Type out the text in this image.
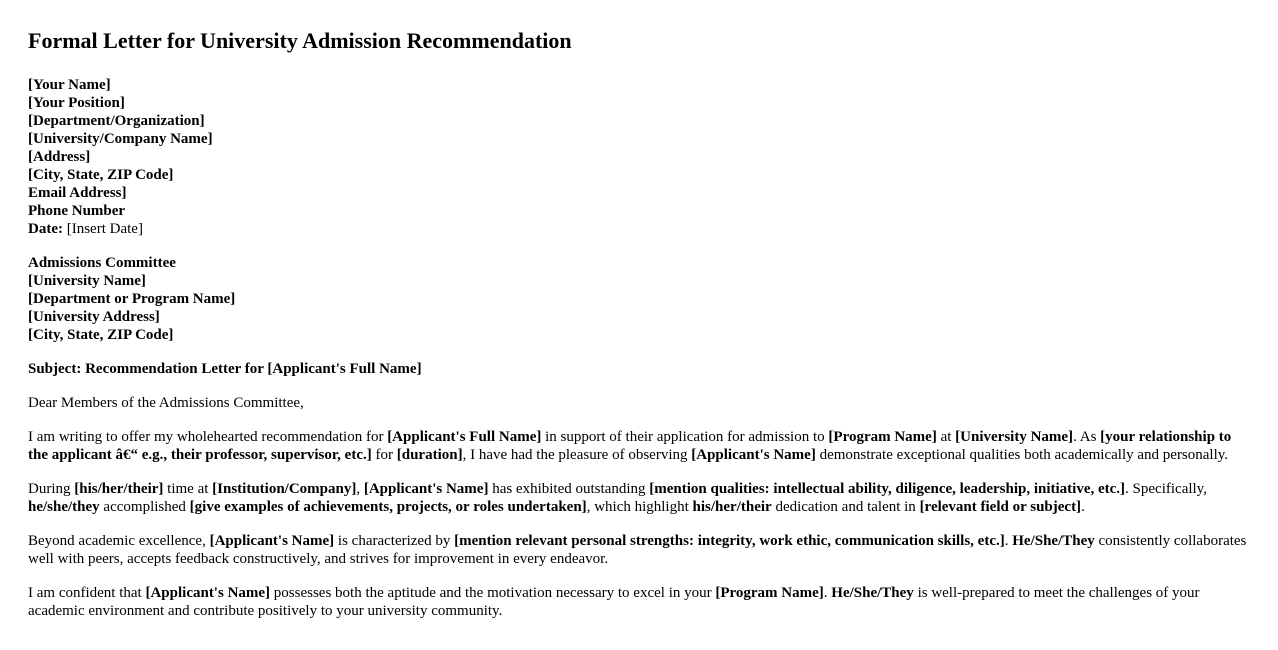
Formal Letter for University Admission Recommendation
[Your Name]
[Your Position]
[Department/Organization]
[University/Company Name]
[Address]
[City, State, ZIP Code]
Email Address]
Phone Number
Date: [Insert Date]
Admissions Committee
[University Name]
[Department or Program Name]
[University Address]
[City, State, ZIP Code]

Subject: Recommendation Letter for [Applicant's Full Name]

Dear Members of the Admissions Committee,

I am writing to offer my wholehearted recommendation for [Applicant's Full Name] in support of their application for admission to [Program Name] at [University Name]. As [your relationship to the applicant â€“ e.g., their professor, supervisor, etc.] for [duration], I have had the pleasure of observing [Applicant's Name] demonstrate exceptional qualities both academically and personally.

During [his/her/their] time at [Institution/Company], [Applicant's Name] has exhibited outstanding [mention qualities: intellectual ability, diligence, leadership, initiative, etc.]. Specifically, he/she/they accomplished [give examples of achievements, projects, or roles undertaken], which highlight his/her/their dedication and talent in [relevant field or subject].

Beyond academic excellence, [Applicant's Name] is characterized by [mention relevant personal strengths: integrity, work ethic, communication skills, etc.]. He/She/They consistently collaborates well with peers, accepts feedback constructively, and strives for improvement in every endeavor.

I am confident that [Applicant's Name] possesses both the aptitude and the motivation necessary to excel in your [Program Name]. He/She/They is well-prepared to meet the challenges of your academic environment and contribute positively to your university community.
